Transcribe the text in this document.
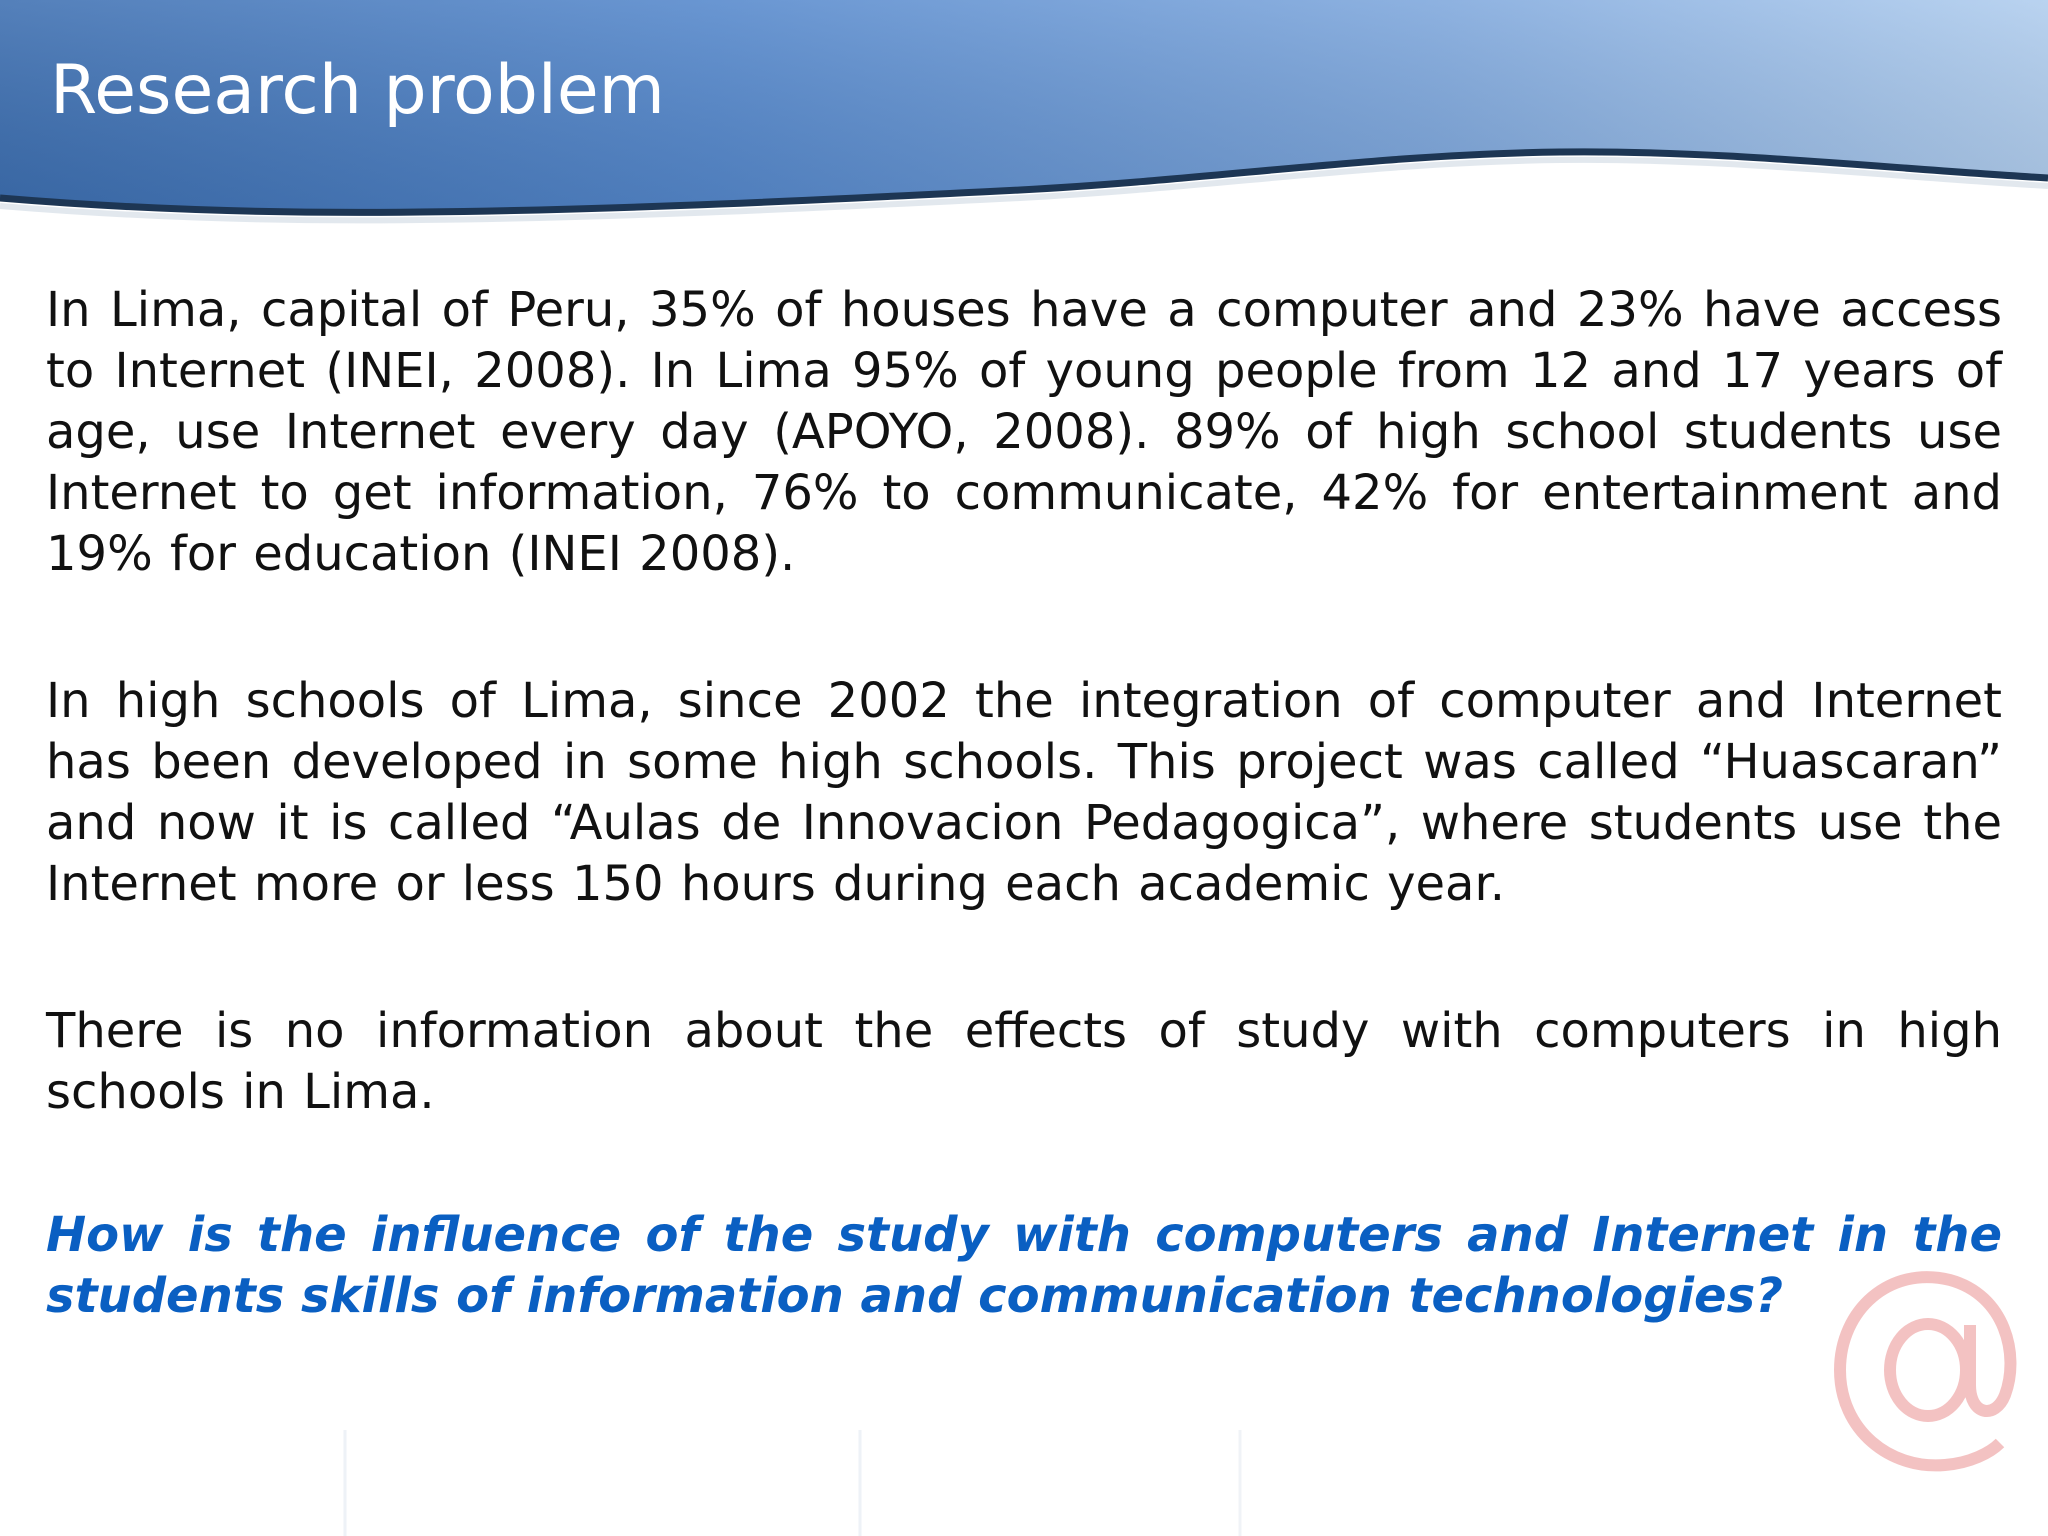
Research problem

In Lima, capital of Peru, 35% of houses have a computer and 23% have access to Internet (INEI, 2008). In Lima 95% of young people from 12 and 17 years of age, use Internet every day (APOYO, 2008). 89% of high school students use Internet to get information, 76% to communicate, 42% for entertainment and 19% for education (INEI 2008).

In high schools of Lima, since 2002 the integration of computer and Internet has been developed in some high schools. This project was called “Huascaran” and now it is called “Aulas de Innovacion Pedagogica”, where students use the Internet more or less 150 hours during each academic year.

There is no information about the effects of study with computers in high schools in Lima.

How is the influence of the study with computers and Internet in the students skills of information and communication technologies?
